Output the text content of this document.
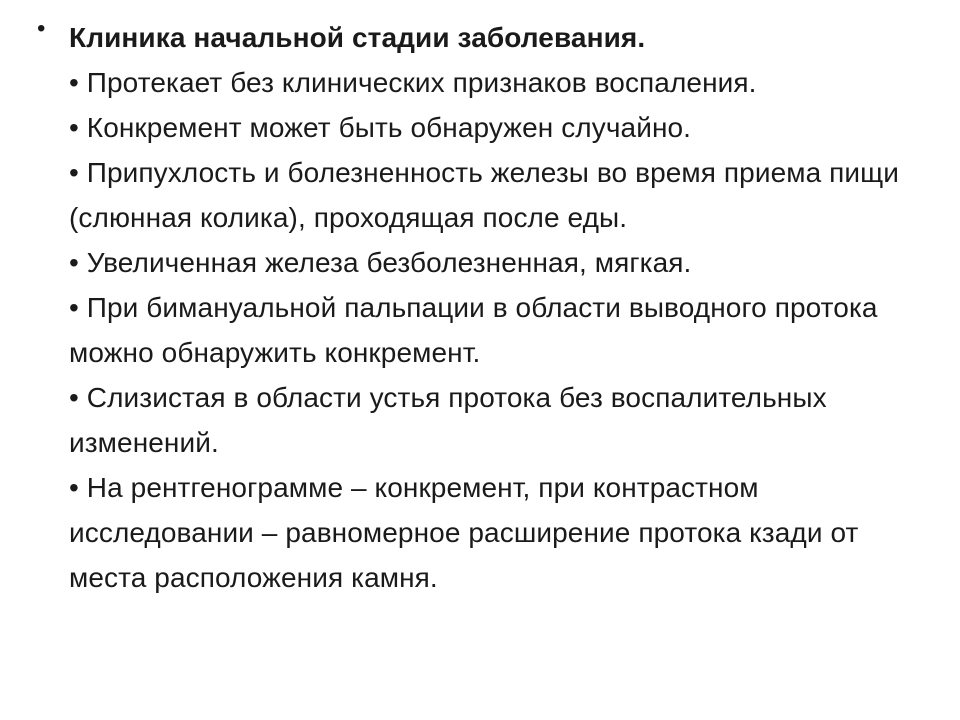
• Клиника начальной стадии заболевания.
• Протекает без клинических признаков воспаления.
• Конкремент может быть обнаружен случайно.
• Припухлость и болезненность железы во время приема пищи (слюнная колика), проходящая после еды.
• Увеличенная железа безболезненная, мягкая.
• При бимануальной пальпации в области выводного протока можно обнаружить конкремент.
• Слизистая в области устья протока без воспалительных изменений.
• На рентгенограмме – конкремент, при контрастном исследовании – равномерное расширение протока кзади от места расположения камня.
